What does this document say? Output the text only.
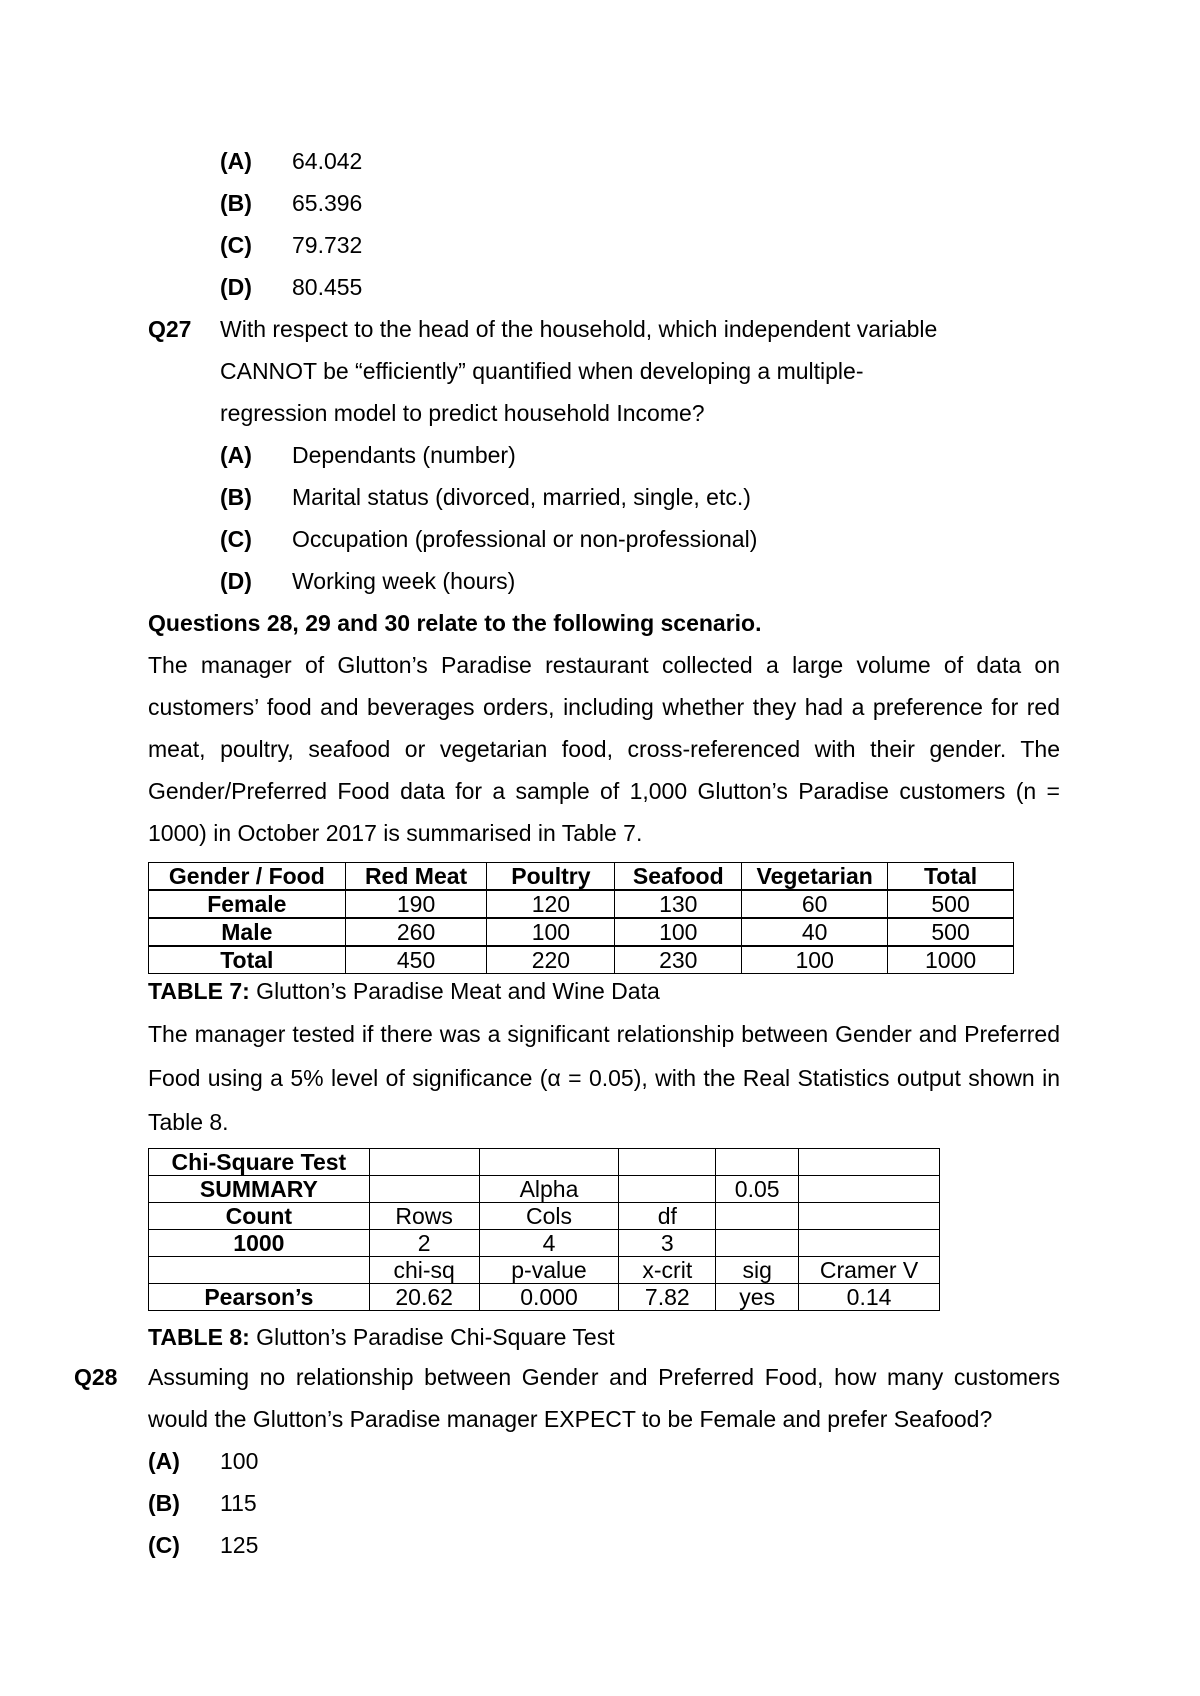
(A) 64.042
(B) 65.396
(C) 79.732
(D) 80.455
Q27 With respect to the head of the household, which independent variable
CANNOT be “efficiently” quantified when developing a multiple-
regression model to predict household Income?
(A) Dependants (number)
(B) Marital status (divorced, married, single, etc.)
(C) Occupation (professional or non-professional)
(D) Working week (hours)
Questions 28, 29 and 30 relate to the following scenario.
The manager of Glutton’s Paradise restaurant collected a large volume of data on customers’ food and beverages orders, including whether they had a preference for red meat, poultry, seafood or vegetarian food, cross-referenced with their gender. The Gender/Preferred Food data for a sample of 1,000 Glutton’s Paradise customers (n = 1000) in October 2017 is summarised in Table 7.
Gender / Food	Red Meat	Poultry	Seafood	Vegetarian	Total
Female	190	120	130	60	500
Male	260	100	100	40	500
Total	450	220	230	100	1000
TABLE 7: Glutton’s Paradise Meat and Wine Data
The manager tested if there was a significant relationship between Gender and Preferred Food using a 5% level of significance (α = 0.05), with the Real Statistics output shown in Table 8.
Chi-Square Test					
SUMMARY		Alpha		0.05	
Count	Rows	Cols	df		
1000	2	4	3		
	chi-sq	p-value	x-crit	sig	Cramer V
Pearson’s	20.62	0.000	7.82	yes	0.14
TABLE 8: Glutton’s Paradise Chi-Square Test
Q28 Assuming no relationship between Gender and Preferred Food, how many customers would the Glutton’s Paradise manager EXPECT to be Female and prefer Seafood?
(A) 100
(B) 115
(C) 125
